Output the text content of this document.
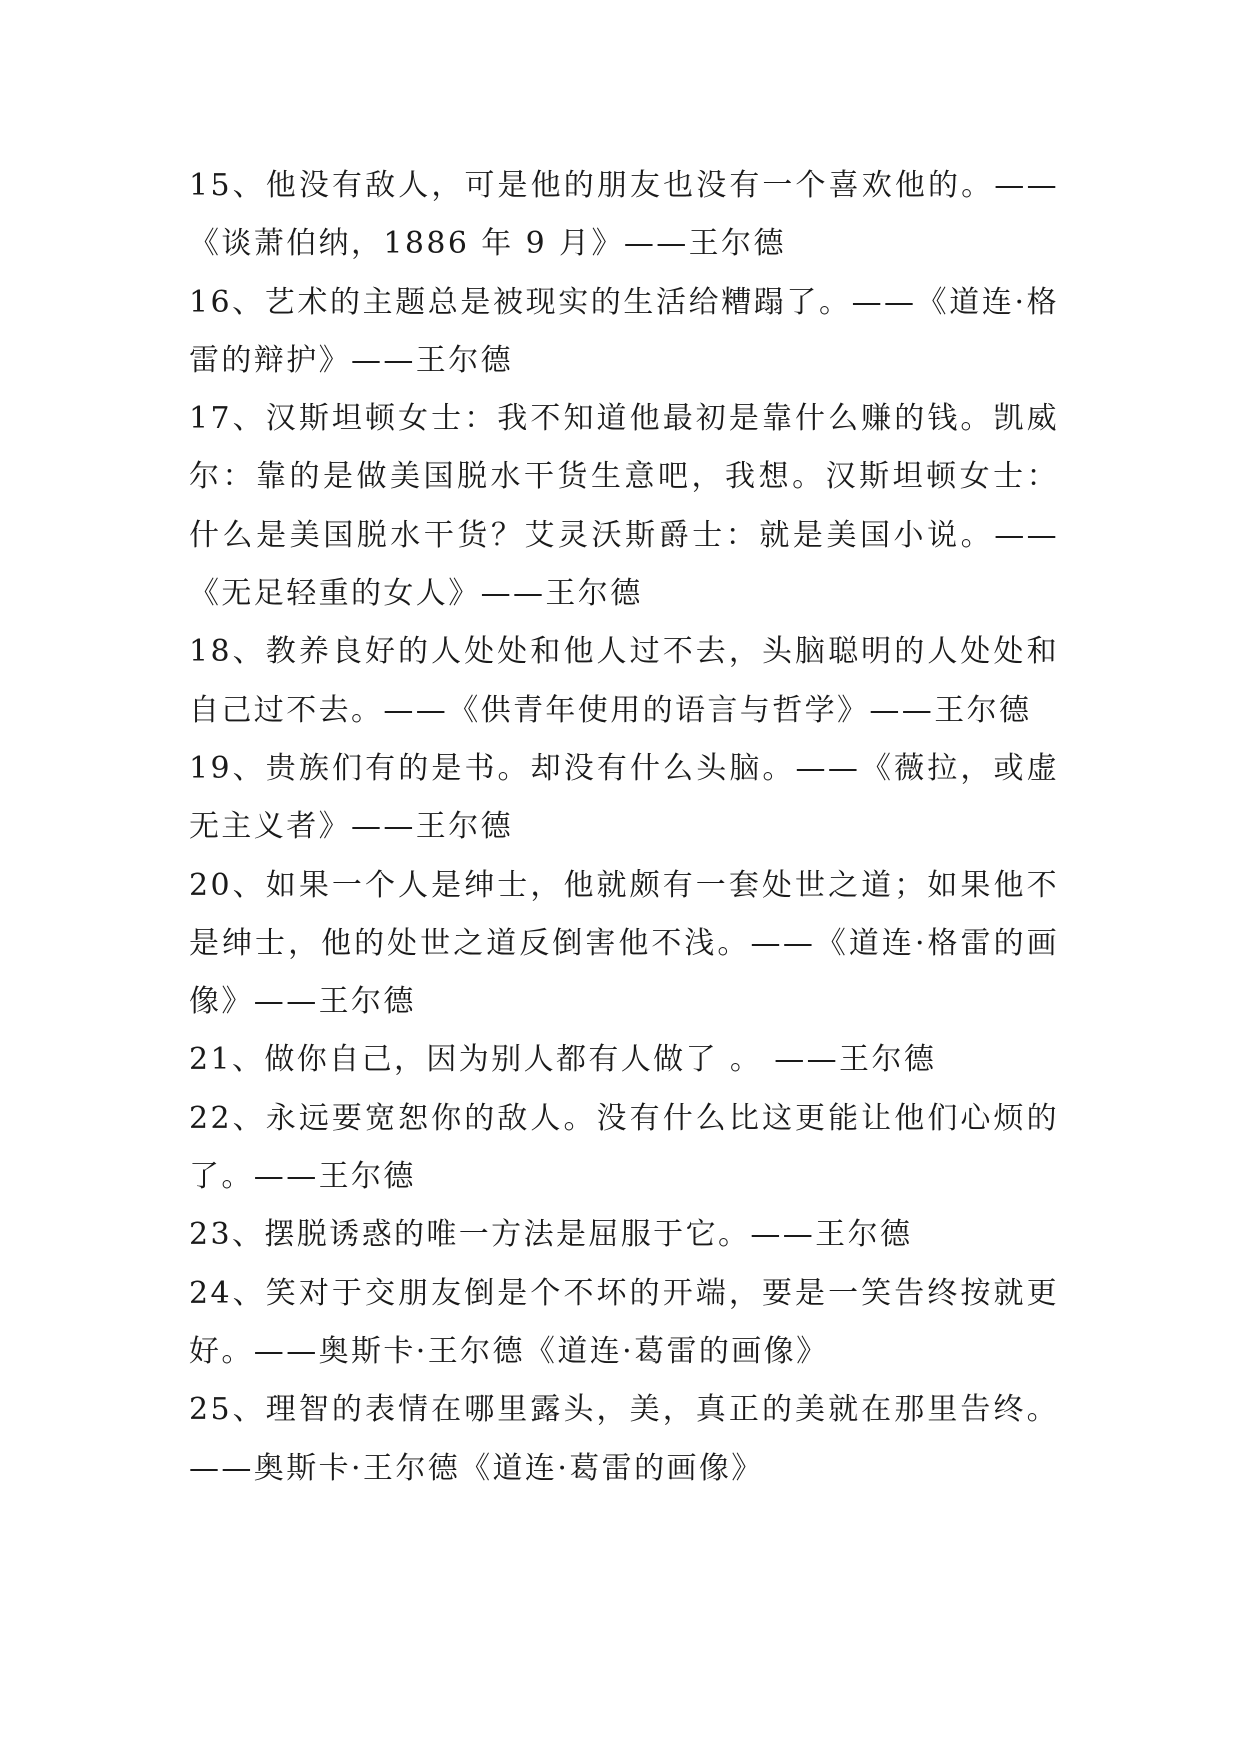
15、他没有敌人，可是他的朋友也没有一个喜欢他的。——《谈萧伯纳，1886 年 9 月》——王尔德

16、艺术的主题总是被现实的生活给糟蹋了。——《道连·格雷的辩护》——王尔德

17、汉斯坦顿女士：我不知道他最初是靠什么赚的钱。凯威尔：靠的是做美国脱水干货生意吧，我想。汉斯坦顿女士：什么是美国脱水干货？艾灵沃斯爵士：就是美国小说。——《无足轻重的女人》——王尔德

18、教养良好的人处处和他人过不去，头脑聪明的人处处和自己过不去。——《供青年使用的语言与哲学》——王尔德

19、贵族们有的是书。却没有什么头脑。——《薇拉，或虚无主义者》——王尔德

20、如果一个人是绅士，他就颇有一套处世之道；如果他不是绅士，他的处世之道反倒害他不浅。——《道连·格雷的画像》——王尔德

21、做你自己，因为别人都有人做了 。 ——王尔德

22、永远要宽恕你的敌人。没有什么比这更能让他们心烦的了。——王尔德

23、摆脱诱惑的唯一方法是屈服于它。——王尔德

24、笑对于交朋友倒是个不坏的开端，要是一笑告终按就更好。——奥斯卡·王尔德《道连·葛雷的画像》

25、理智的表情在哪里露头，美，真正的美就在那里告终。——奥斯卡·王尔德《道连·葛雷的画像》
